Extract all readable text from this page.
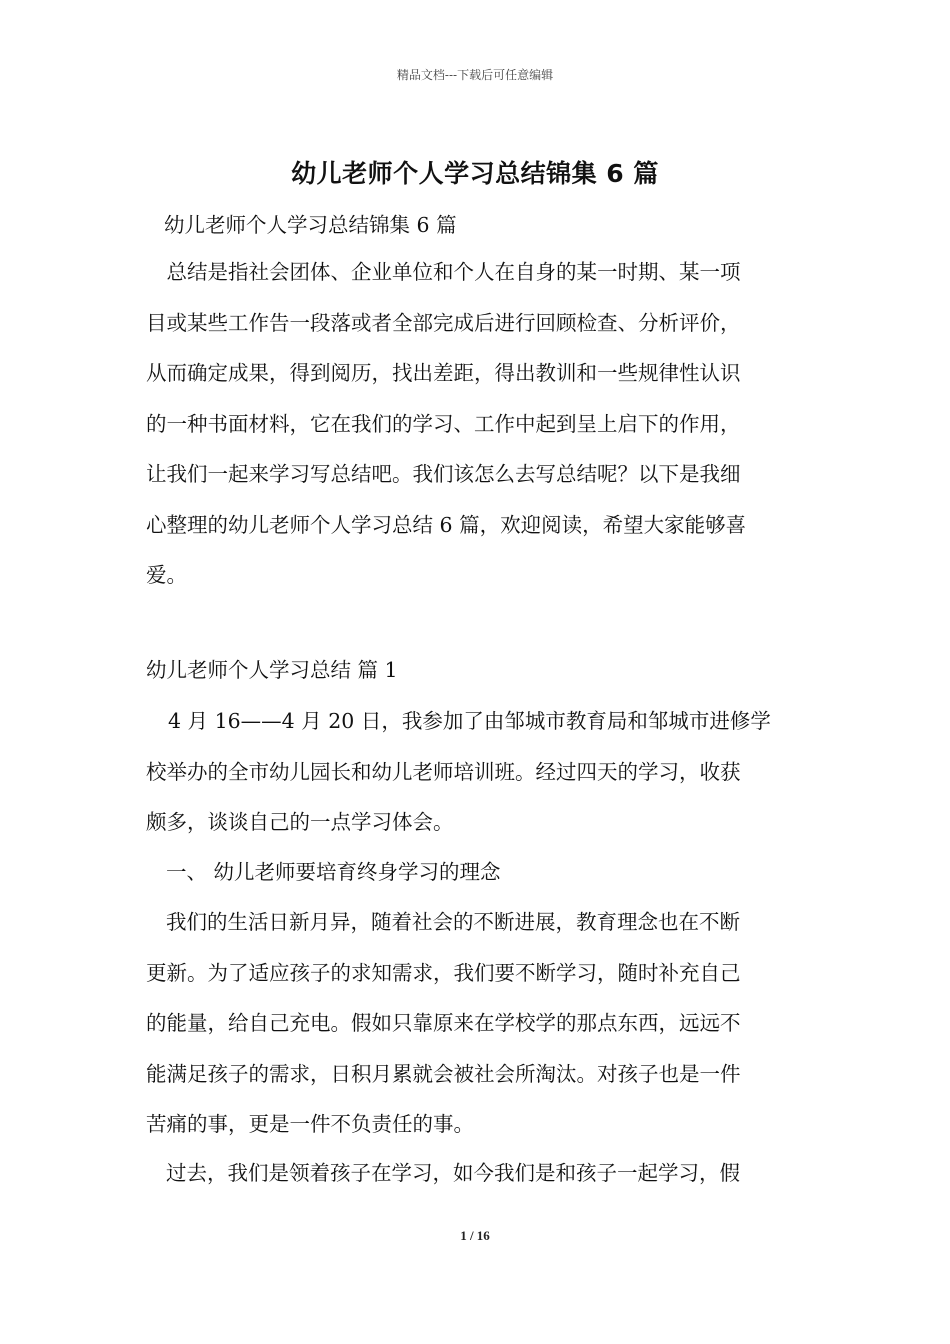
精品文档---下载后可任意编辑
幼儿老师个人学习总结锦集 6 篇
幼儿老师个人学习总结锦集 6 篇
　总结是指社会团体、企业单位和个人在自身的某一时期、某一项
目或某些工作告一段落或者全部完成后进行回顾检查、分析评价，
从而确定成果，得到阅历，找出差距，得出教训和一些规律性认识
的一种书面材料，它在我们的学习、工作中起到呈上启下的作用，
让我们一起来学习写总结吧。我们该怎么去写总结呢？以下是我细
心整理的幼儿老师个人学习总结 6 篇，欢迎阅读，希望大家能够喜
爱。
幼儿老师个人学习总结 篇 1
4 月 16——4 月 20 日，我参加了由邹城市教育局和邹城市进修学
校举办的全市幼儿园长和幼儿老师培训班。经过四天的学习，收获
颇多，谈谈自己的一点学习体会。
一、 幼儿老师要培育终身学习的理念
我们的生活日新月异，随着社会的不断进展，教育理念也在不断
更新。为了适应孩子的求知需求，我们要不断学习，随时补充自己
的能量，给自己充电。假如只靠原来在学校学的那点东西，远远不
能满足孩子的需求，日积月累就会被社会所淘汰。对孩子也是一件
苦痛的事，更是一件不负责任的事。
过去，我们是领着孩子在学习，如今我们是和孩子一起学习，假
1 / 16
